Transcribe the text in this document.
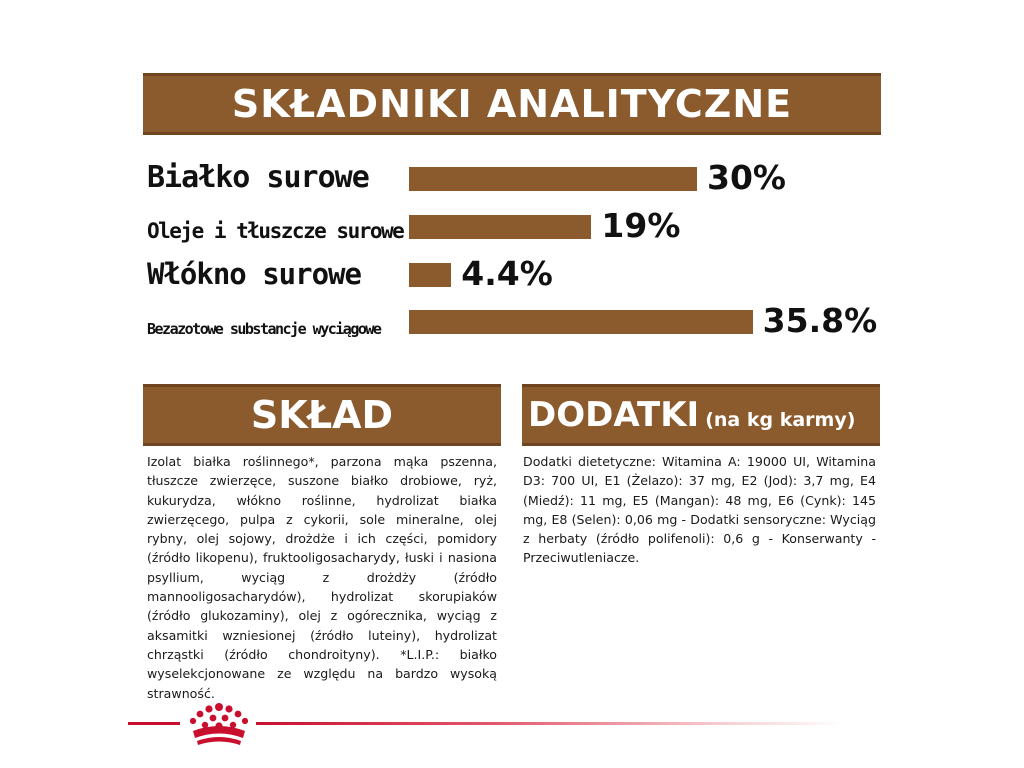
SKŁADNIKI ANALITYCZNE
Białko surowe	30%
Oleje i tłuszcze surowe	19%
Włókno surowe	4.4%
Bezazotowe substancje wyciągowe	35.8%
SKŁAD
Izolat białka roślinnego*, parzona mąka pszenna, tłuszcze zwierzęce, suszone białko drobiowe, ryż, kukurydza, włókno roślinne, hydrolizat białka zwierzęcego, pulpa z cykorii, sole mineralne, olej rybny, olej sojowy, drożdże i ich części, pomidory (źródło likopenu), fruktooligosacharydy, łuski i nasiona psyllium, wyciąg z drożdży (źródło mannooligosacharydów), hydrolizat skorupiaków (źródło glukozaminy), olej z ogórecznika, wyciąg z aksamitki wzniesionej (źródło luteiny), hydrolizat chrząstki (źródło chondroityny). *L.I.P.: białko wyselekcjonowane ze względu na bardzo wysoką strawność.
DODATKI (na kg karmy)
Dodatki dietetyczne: Witamina A: 19000 UI, Witamina D3: 700 UI, E1 (Żelazo): 37 mg, E2 (Jod): 3,7 mg, E4 (Miedź): 11 mg, E5 (Mangan): 48 mg, E6 (Cynk): 145 mg, E8 (Selen): 0,06 mg - Dodatki sensoryczne: Wyciąg z herbaty (źródło polifenoli): 0,6 g - Konserwanty - Przeciwutleniacze.
